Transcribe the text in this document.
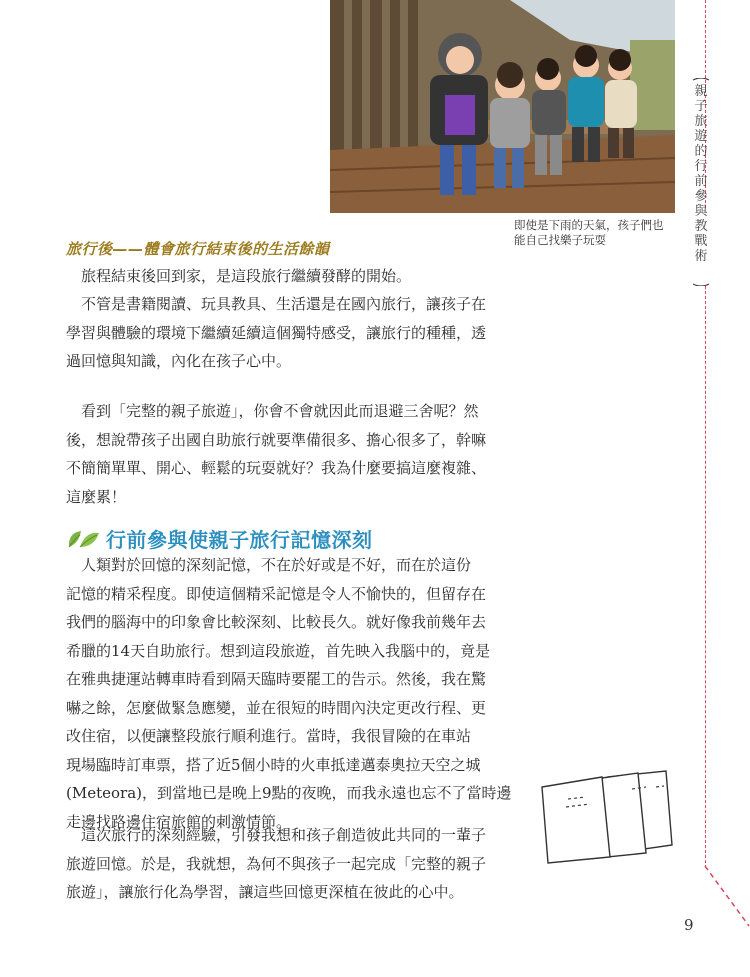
即使是下雨的天氣，孩子們也
能自己找樂子玩耍
親
子
旅
遊
的
行
前
參
與
教
戰
術
旅行後——體會旅行結束後的生活餘韻

　旅程結束後回到家，是這段旅行繼續發酵的開始。

　不管是書籍閱讀、玩具教具、生活還是在國內旅行，讓孩子在
學習與體驗的環境下繼續延續這個獨特感受，讓旅行的種種，透
過回憶與知識，內化在孩子心中。

　看到「完整的親子旅遊」，你會不會就因此而退避三舍呢？然
後，想說帶孩子出國自助旅行就要準備很多、擔心很多了，幹嘛
不簡簡單單、開心、輕鬆的玩耍就好？我為什麼要搞這麼複雜、
這麼累！

行前參與使親子旅行記憶深刻

　人類對於回憶的深刻記憶，不在於好或是不好，而在於這份
記憶的精采程度。即使這個精采記憶是令人不愉快的，但留存在
我們的腦海中的印象會比較深刻、比較長久。就好像我前幾年去
希臘的14天自助旅行。想到這段旅遊，首先映入我腦中的，竟是
在雅典捷運站轉車時看到隔天臨時要罷工的告示。然後，我在驚
嚇之餘，怎麼做緊急應變，並在很短的時間內決定更改行程、更
改住宿，以便讓整段旅行順利進行。當時，我很冒險的在車站
現場臨時訂車票，搭了近5個小時的火車抵達邁泰奧拉天空之城
(Meteora)，到當地已是晚上9點的夜晚，而我永遠也忘不了當時邊
走邊找路邊住宿旅館的刺激情節。

　這次旅行的深刻經驗，引發我想和孩子創造彼此共同的一輩子
旅遊回憶。於是，我就想，為何不與孩子一起完成「完整的親子
旅遊」，讓旅行化為學習，讓這些回憶更深植在彼此的心中。

9
